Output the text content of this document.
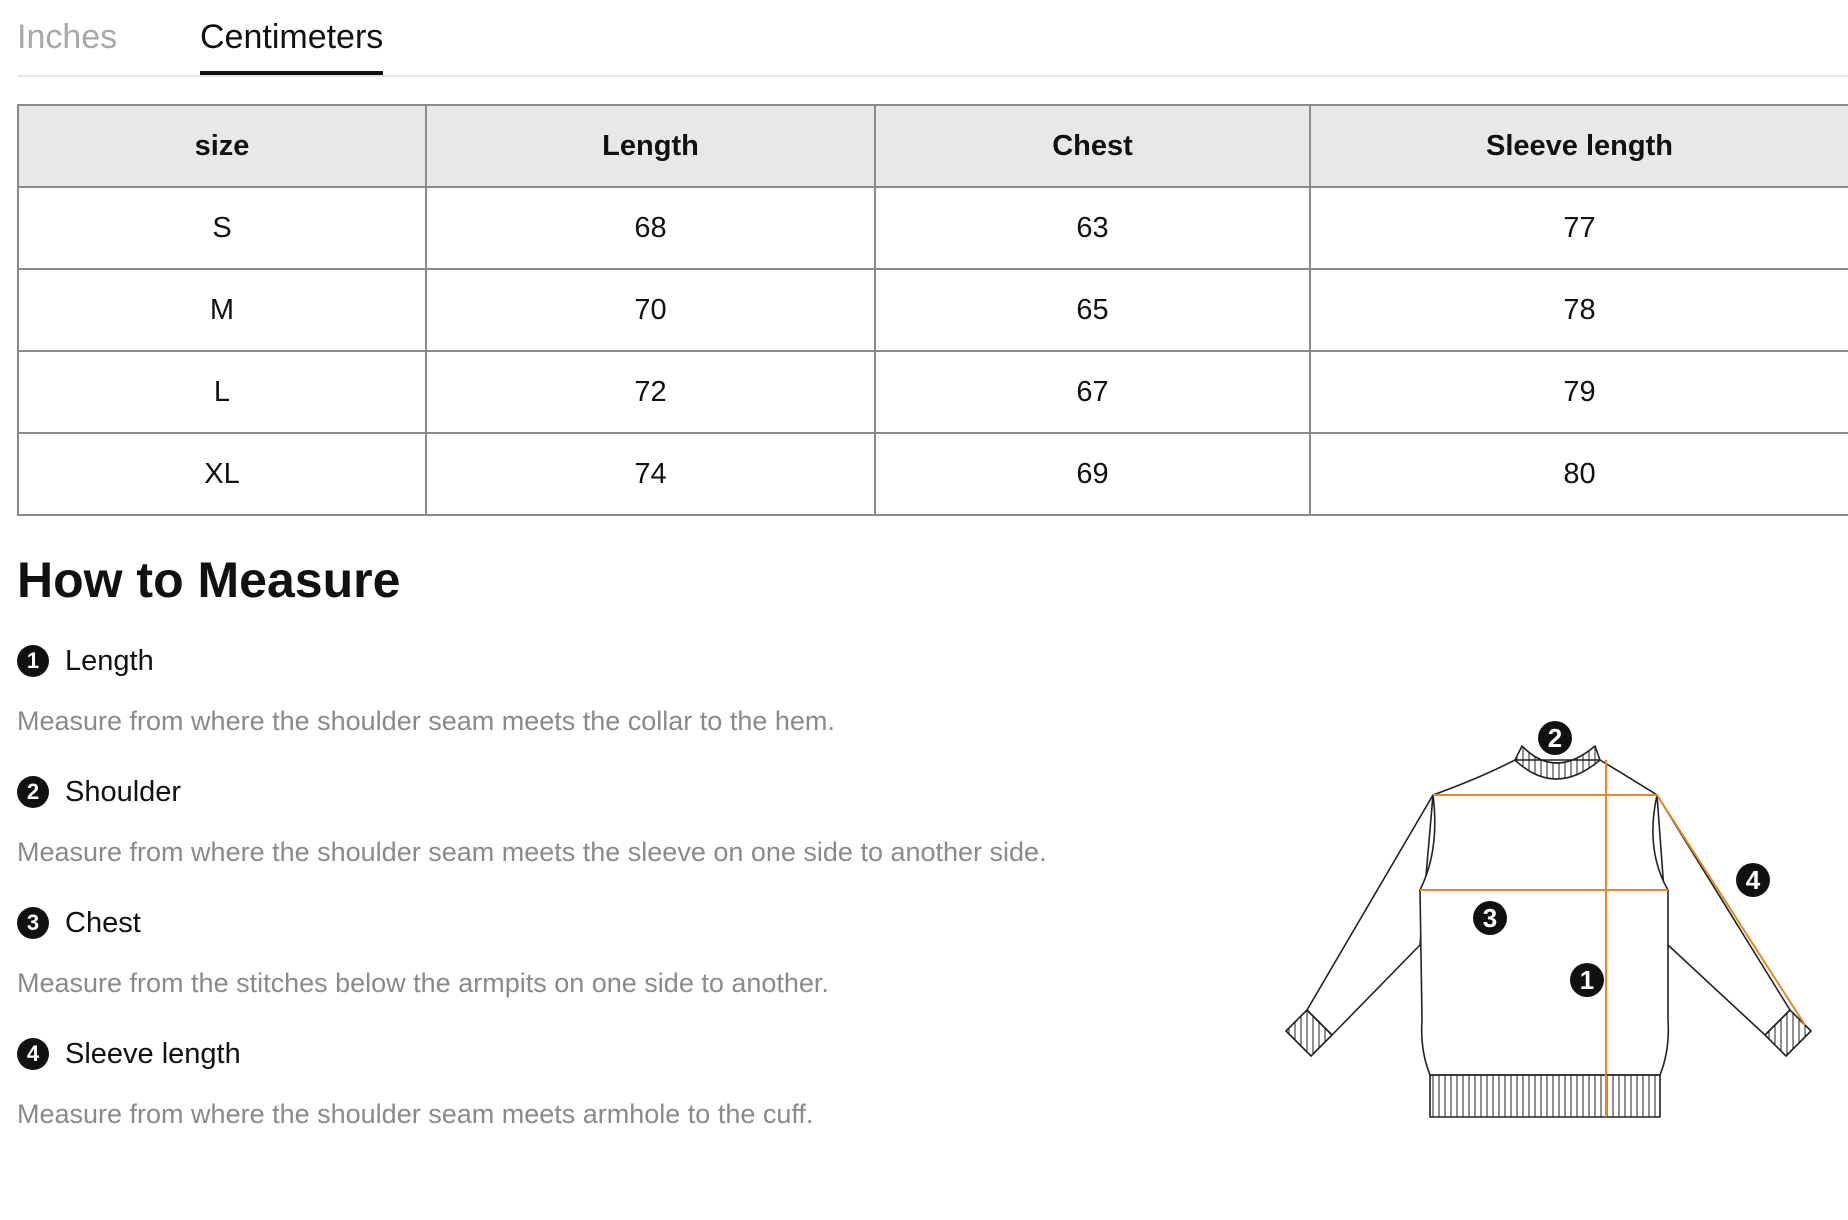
Inches Centimeters
size	Length	Chest	Sleeve length
S	68	63	77
M	70	65	78
L	72	67	79
XL	74	69	80
How to Measure
1 Length
Measure from where the shoulder seam meets the collar to the hem.
2 Shoulder
Measure from where the shoulder seam meets the sleeve on one side to another side.
3 Chest
Measure from the stitches below the armpits on one side to another.
4 Sleeve length
Measure from where the shoulder seam meets armhole to the cuff.
1
2
3
4
